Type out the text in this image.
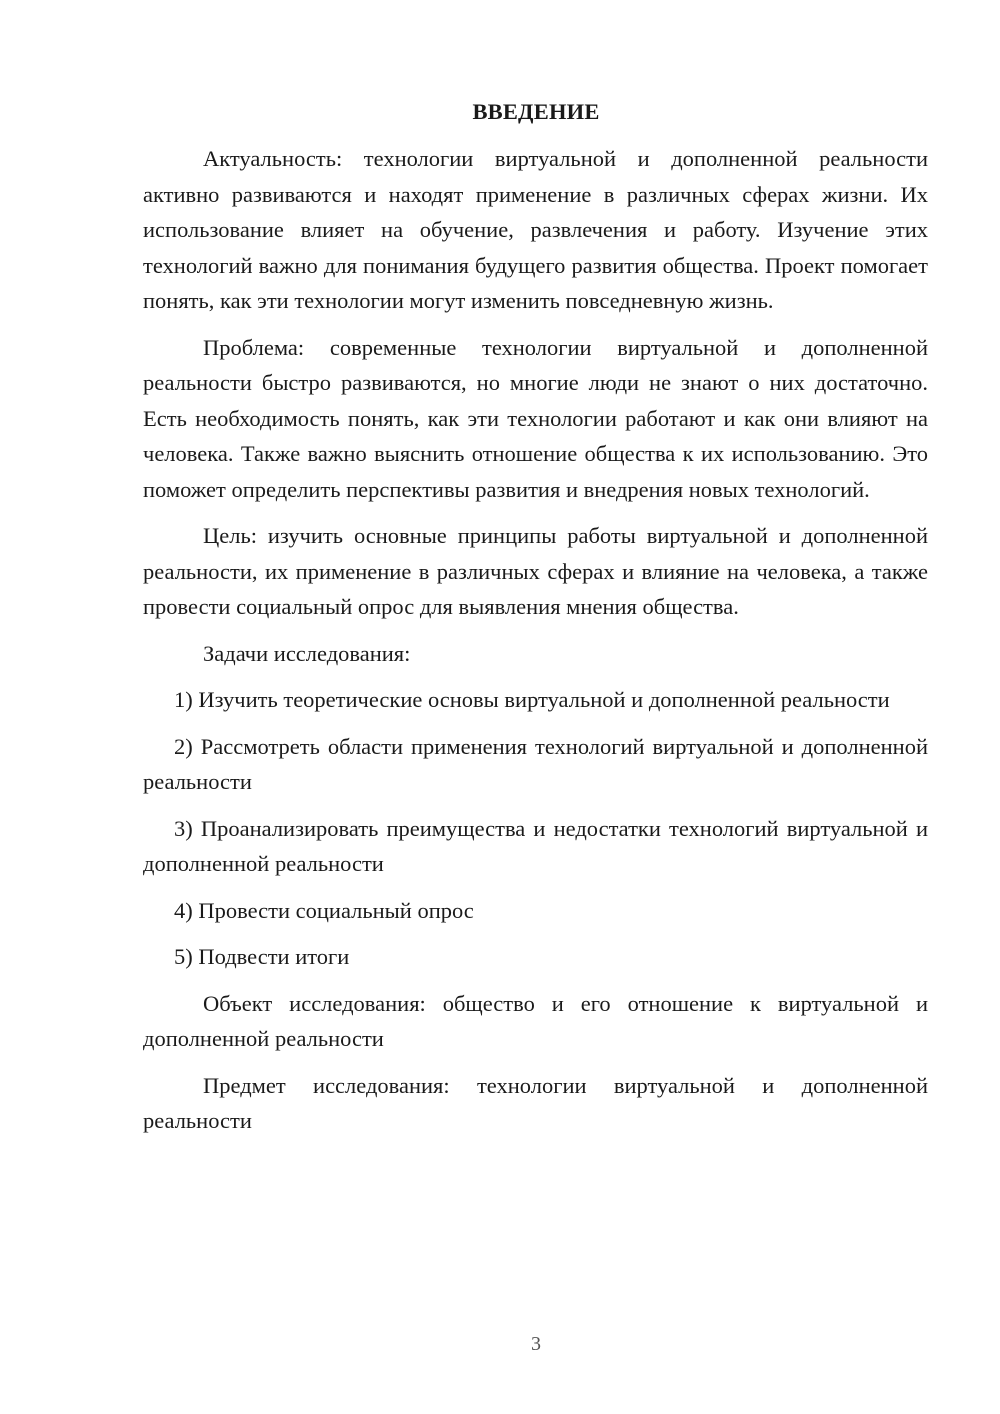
ВВЕДЕНИЕ

Актуальность: технологии виртуальной и дополненной реальности активно развиваются и находят применение в различных сферах жизни. Их использование влияет на обучение, развлечения и работу. Изучение этих технологий важно для понимания будущего развития общества. Проект помогает понять, как эти технологии могут изменить повседневную жизнь.

Проблема: современные технологии виртуальной и дополненной реальности быстро развиваются, но многие люди не знают о них достаточно. Есть необходимость понять, как эти технологии работают и как они влияют на человека. Также важно выяснить отношение общества к их использованию. Это поможет определить перспективы развития и внедрения новых технологий.

Цель: изучить основные принципы работы виртуальной и дополненной реальности, их применение в различных сферах и влияние на человека, а также провести социальный опрос для выявления мнения общества.

Задачи исследования:

1) Изучить теоретические основы виртуальной и дополненной реальности

2) Рассмотреть области применения технологий виртуальной и дополненной реальности

3) Проанализировать преимущества и недостатки технологий виртуальной и дополненной реальности

4) Провести социальный опрос

5) Подвести итоги

Объект исследования: общество и его отношение к виртуальной и дополненной реальности

Предмет исследования: технологии виртуальной и дополненной реальности

3
